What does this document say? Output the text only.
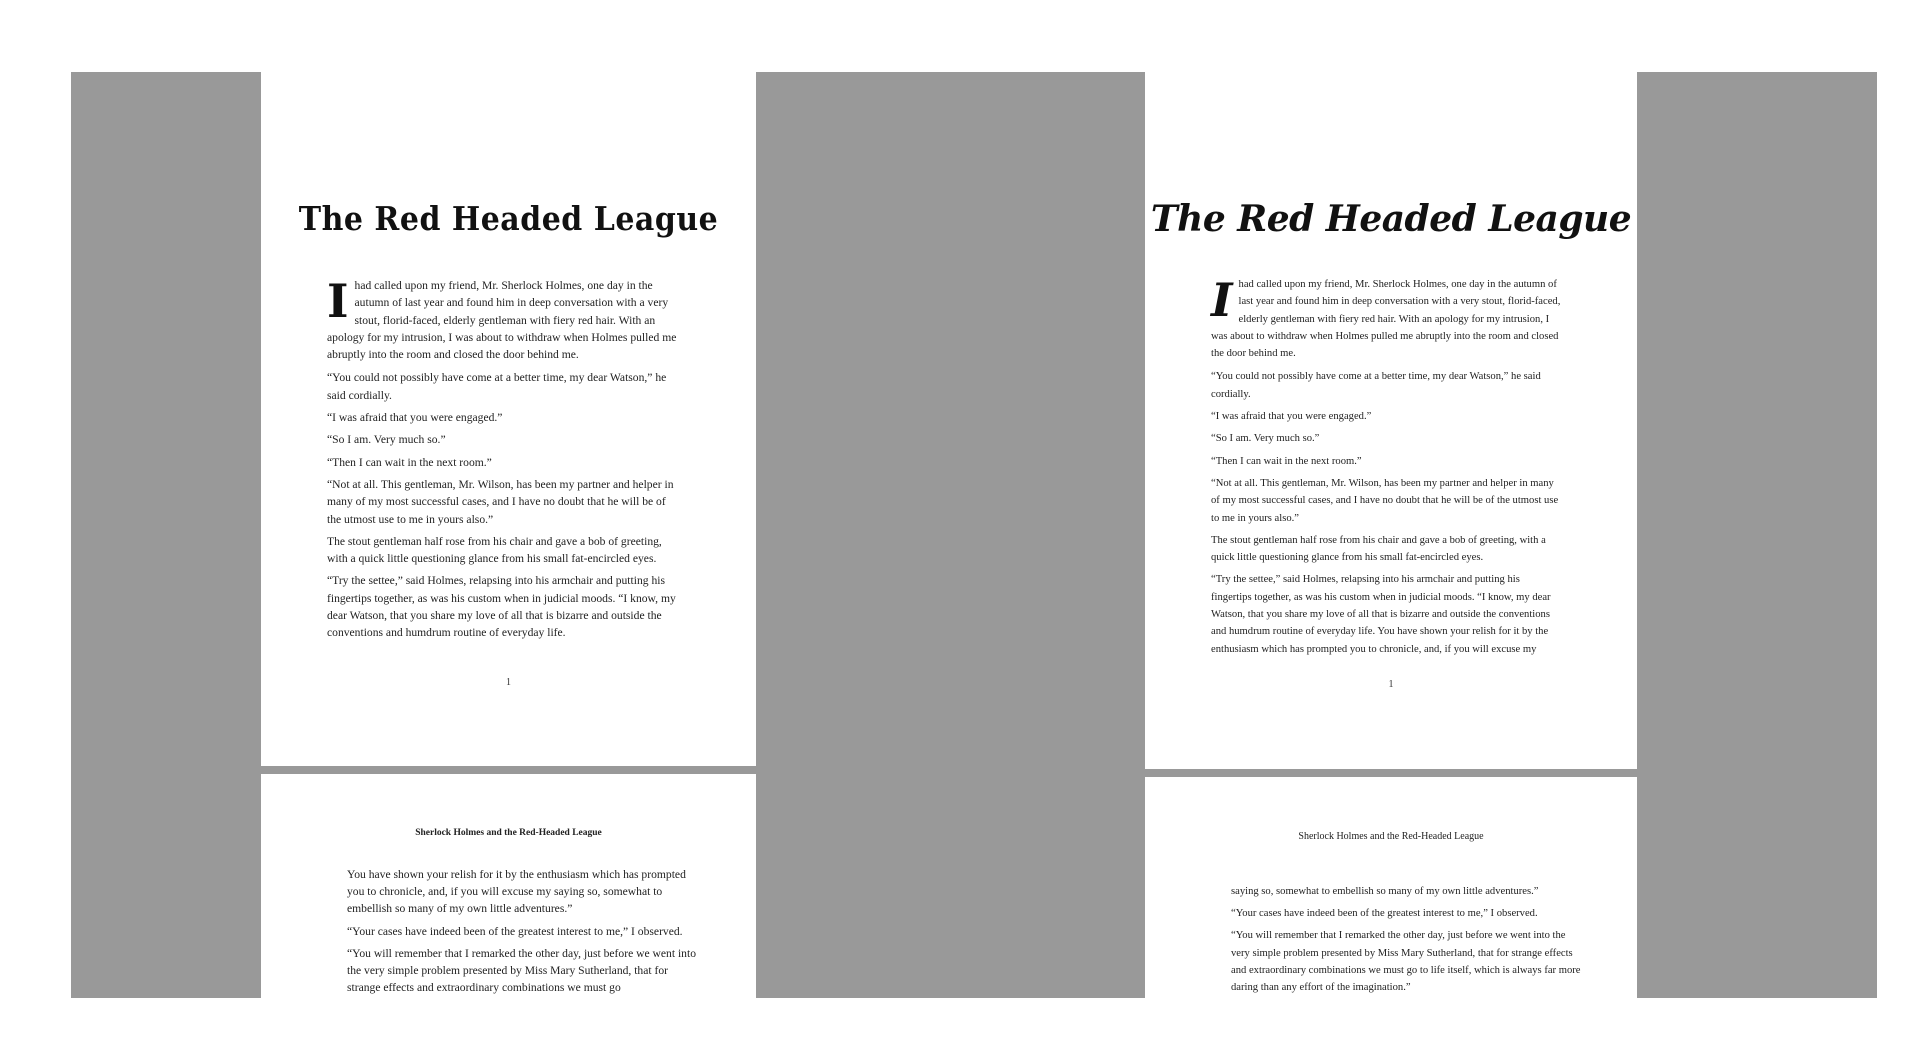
The Red Headed League

Ihad called upon my friend, Mr. Sherlock Holmes, one day in the autumn of last year and found him in deep conversation with a very stout, florid-faced, elderly gentleman with fiery red hair. With an apology for my intrusion, I was about to withdraw when Holmes pulled me abruptly into the room and closed the door behind me.

“You could not possibly have come at a better time, my dear Watson,” he said cordially.

“I was afraid that you were engaged.”

“So I am. Very much so.”

“Then I can wait in the next room.”

“Not at all. This gentleman, Mr. Wilson, has been my partner and helper in many of my most successful cases, and I have no doubt that he will be of the utmost use to me in yours also.”

The stout gentleman half rose from his chair and gave a bob of greeting, with a quick little questioning glance from his small fat-encircled eyes.

“Try the settee,” said Holmes, relapsing into his armchair and putting his fingertips together, as was his custom when in judicial moods. “I know, my dear Watson, that you share my love of all that is bizarre and outside the conventions and humdrum routine of everyday life.

1
Sherlock Holmes and the Red-Headed League

You have shown your relish for it by the enthusiasm which has prompted you to chronicle, and, if you will excuse my saying so, somewhat to embellish so many of my own little adventures.”

“Your cases have indeed been of the greatest interest to me,” I observed.

“You will remember that I remarked the other day, just before we went into the very simple problem presented by Miss Mary Sutherland, that for strange effects and extraordinary combinations we must go

The Red Headed League

Ihad called upon my friend, Mr. Sherlock Holmes, one day in the autumn of last year and found him in deep conversation with a very stout, florid-faced, elderly gentleman with fiery red hair. With an apology for my intrusion, I was about to withdraw when Holmes pulled me abruptly into the room and closed the door behind me.

“You could not possibly have come at a better time, my dear Watson,” he said cordially.

“I was afraid that you were engaged.”

“So I am. Very much so.”

“Then I can wait in the next room.”

“Not at all. This gentleman, Mr. Wilson, has been my partner and helper in many of my most successful cases, and I have no doubt that he will be of the utmost use to me in yours also.”

The stout gentleman half rose from his chair and gave a bob of greeting, with a quick little questioning glance from his small fat-encircled eyes.

“Try the settee,” said Holmes, relapsing into his armchair and putting his fingertips together, as was his custom when in judicial moods. “I know, my dear Watson, that you share my love of all that is bizarre and outside the conventions and humdrum routine of everyday life. You have shown your relish for it by the enthusiasm which has prompted you to chronicle, and, if you will excuse my

1
Sherlock Holmes and the Red-Headed League

saying so, somewhat to embellish so many of my own little adventures.”

“Your cases have indeed been of the greatest interest to me,” I observed.

“You will remember that I remarked the other day, just before we went into the very simple problem presented by Miss Mary Sutherland, that for strange effects and extraordinary combinations we must go to life itself, which is always far more daring than any effort of the imagination.”
